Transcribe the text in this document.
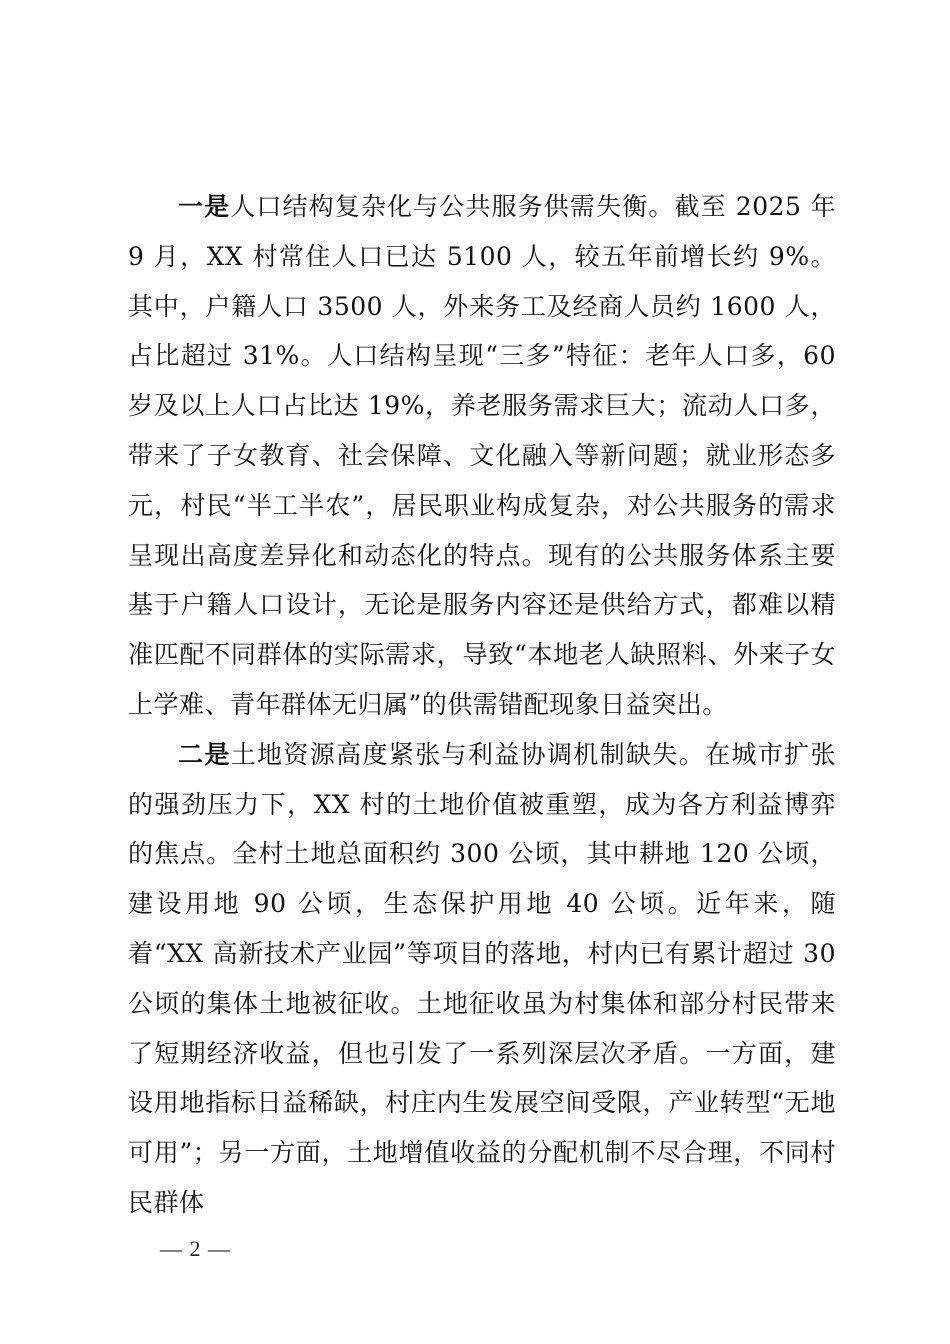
一是人口结构复杂化与公共服务供需失衡。截至 2025 年 9 月，XX 村常住人口已达 5100 人，较五年前增长约 9%。其中，户籍人口 3500 人，外来务工及经商人员约 1600 人，占比超过 31%。人口结构呈现“三多”特征：老年人口多，60 岁及以上人口占比达 19%，养老服务需求巨大；流动人口多，带来了子女教育、社会保障、文化融入等新问题；就业形态多元，村民“半工半农”，居民职业构成复杂，对公共服务的需求呈现出高度差异化和动态化的特点。现有的公共服务体系主要基于户籍人口设计，无论是服务内容还是供给方式，都难以精准匹配不同群体的实际需求，导致“本地老人缺照料、外来子女上学难、青年群体无归属”的供需错配现象日益突出。

二是土地资源高度紧张与利益协调机制缺失。在城市扩张的强劲压力下，XX 村的土地价值被重塑，成为各方利益博弈的焦点。全村土地总面积约 300 公顷，其中耕地 120 公顷，建设用地 90 公顷，生态保护用地 40 公顷。近年来，随着“XX 高新技术产业园”等项目的落地，村内已有累计超过 30 公顷的集体土地被征收。土地征收虽为村集体和部分村民带来了短期经济收益，但也引发了一系列深层次矛盾。一方面，建设用地指标日益稀缺，村庄内生发展空间受限，产业转型“无地可用”；另一方面，土地增值收益的分配机制不尽合理，不同村民群体

— 2 —
